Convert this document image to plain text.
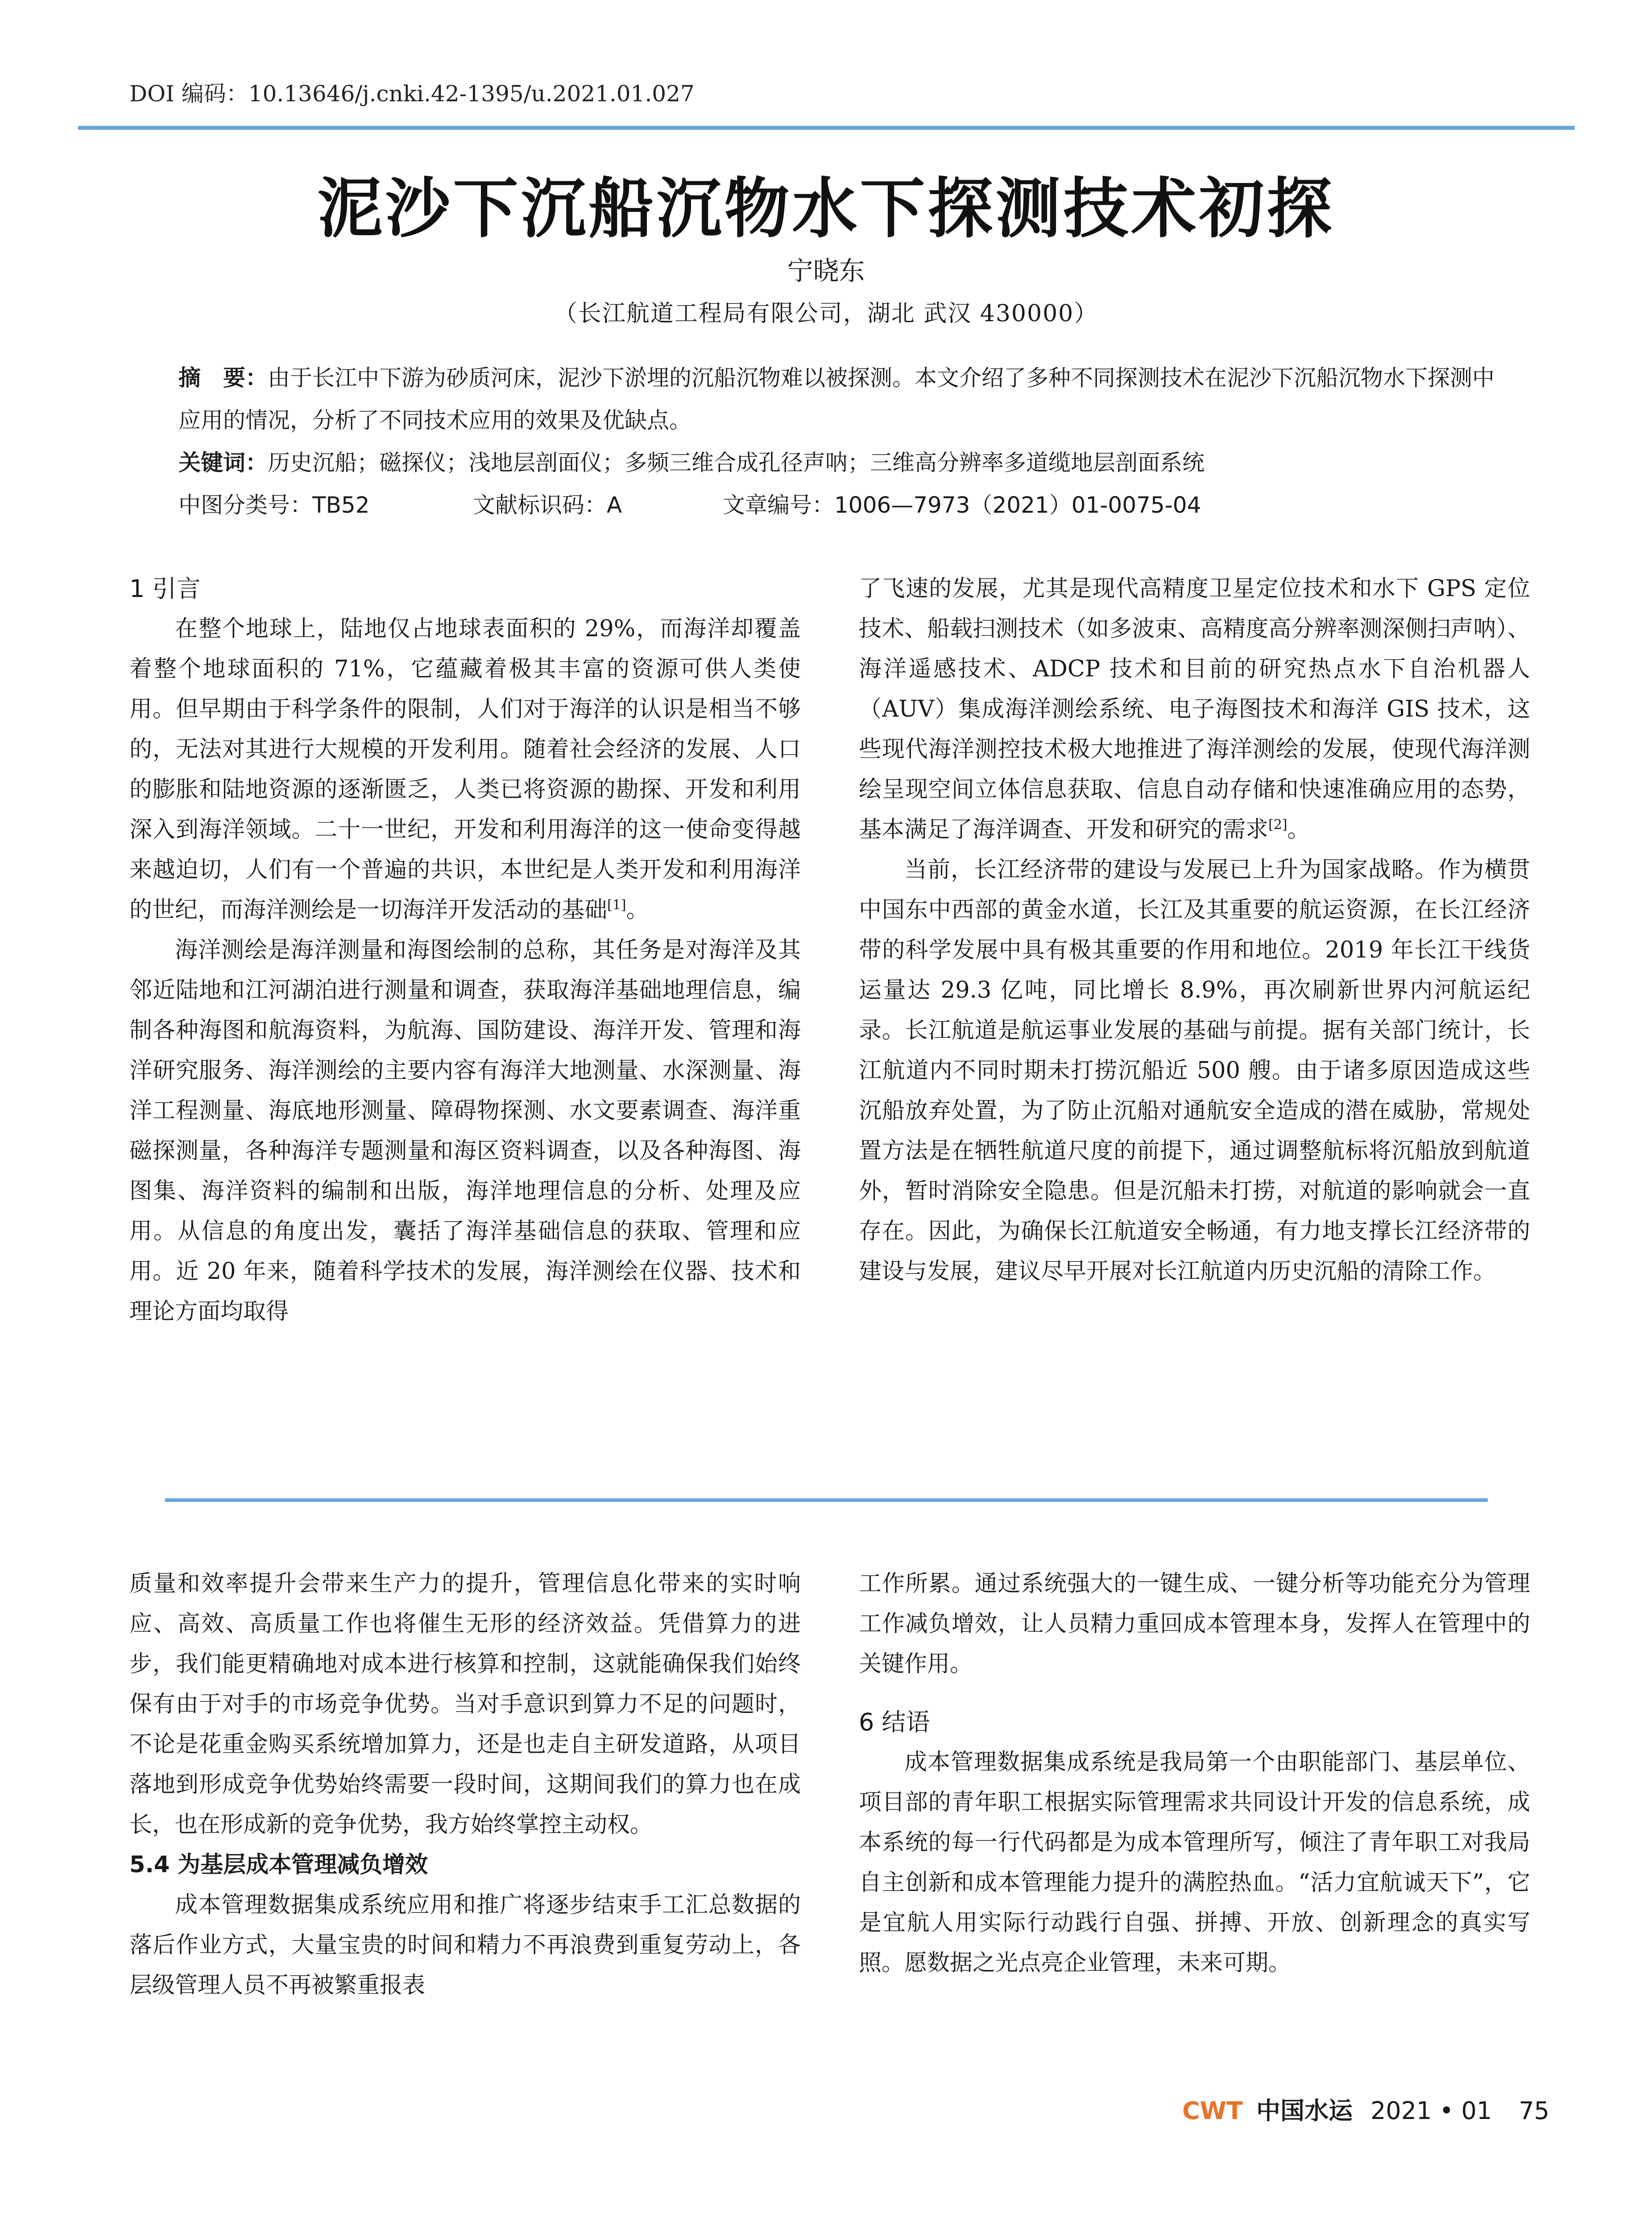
DOI 编码：10.13646/j.cnki.42-1395/u.2021.01.027
泥沙下沉船沉物水下探测技术初探
宁晓东
（长江航道工程局有限公司，湖北 武汉 430000）
摘　要：由于长江中下游为砂质河床，泥沙下淤埋的沉船沉物难以被探测。本文介绍了多种不同探测技术在泥沙下沉船沉物水下探测中应用的情况，分析了不同技术应用的效果及优缺点。
关键词：历史沉船；磁探仪；浅地层剖面仪；多频三维合成孔径声呐；三维高分辨率多道缆地层剖面系统
中图分类号：TB52	文献标识码：A	文章编号：1006—7973（2021）01-0075-04
1 引言

在整个地球上，陆地仅占地球表面积的 29%，而海洋却覆盖着整个地球面积的 71%，它蕴藏着极其丰富的资源可供人类使用。但早期由于科学条件的限制，人们对于海洋的认识是相当不够的，无法对其进行大规模的开发利用。随着社会经济的发展、人口的膨胀和陆地资源的逐渐匮乏，人类已将资源的勘探、开发和利用深入到海洋领域。二十一世纪，开发和利用海洋的这一使命变得越来越迫切，人们有一个普遍的共识，本世纪是人类开发和利用海洋的世纪，而海洋测绘是一切海洋开发活动的基础[1]。

海洋测绘是海洋测量和海图绘制的总称，其任务是对海洋及其邻近陆地和江河湖泊进行测量和调查，获取海洋基础地理信息，编制各种海图和航海资料，为航海、国防建设、海洋开发、管理和海洋研究服务、海洋测绘的主要内容有海洋大地测量、水深测量、海洋工程测量、海底地形测量、障碍物探测、水文要素调查、海洋重磁探测量，各种海洋专题测量和海区资料调查，以及各种海图、海图集、海洋资料的编制和出版，海洋地理信息的分析、处理及应用。从信息的角度出发，囊括了海洋基础信息的获取、管理和应用。近 20 年来，随着科学技术的发展，海洋测绘在仪器、技术和理论方面均取得

了飞速的发展，尤其是现代高精度卫星定位技术和水下 GPS 定位技术、船载扫测技术（如多波束、高精度高分辨率测深侧扫声呐）、海洋遥感技术、ADCP 技术和目前的研究热点水下自治机器人（AUV）集成海洋测绘系统、电子海图技术和海洋 GIS 技术，这些现代海洋测控技术极大地推进了海洋测绘的发展，使现代海洋测绘呈现空间立体信息获取、信息自动存储和快速准确应用的态势，基本满足了海洋调查、开发和研究的需求[2]。

当前，长江经济带的建设与发展已上升为国家战略。作为横贯中国东中西部的黄金水道，长江及其重要的航运资源，在长江经济带的科学发展中具有极其重要的作用和地位。2019 年长江干线货运量达 29.3 亿吨，同比增长 8.9%，再次刷新世界内河航运纪录。长江航道是航运事业发展的基础与前提。据有关部门统计，长江航道内不同时期未打捞沉船近 500 艘。由于诸多原因造成这些沉船放弃处置，为了防止沉船对通航安全造成的潜在威胁，常规处置方法是在牺牲航道尺度的前提下，通过调整航标将沉船放到航道外，暂时消除安全隐患。但是沉船未打捞，对航道的影响就会一直存在。因此，为确保长江航道安全畅通，有力地支撑长江经济带的建设与发展，建议尽早开展对长江航道内历史沉船的清除工作。

质量和效率提升会带来生产力的提升，管理信息化带来的实时响应、高效、高质量工作也将催生无形的经济效益。凭借算力的进步，我们能更精确地对成本进行核算和控制，这就能确保我们始终保有由于对手的市场竞争优势。当对手意识到算力不足的问题时，不论是花重金购买系统增加算力，还是也走自主研发道路，从项目落地到形成竞争优势始终需要一段时间，这期间我们的算力也在成长，也在形成新的竞争优势，我方始终掌控主动权。

5.4 为基层成本管理减负增效

成本管理数据集成系统应用和推广将逐步结束手工汇总数据的落后作业方式，大量宝贵的时间和精力不再浪费到重复劳动上，各层级管理人员不再被繁重报表

工作所累。通过系统强大的一键生成、一键分析等功能充分为管理工作减负增效，让人员精力重回成本管理本身，发挥人在管理中的关键作用。

6 结语

成本管理数据集成系统是我局第一个由职能部门、基层单位、项目部的青年职工根据实际管理需求共同设计开发的信息系统，成本系统的每一行代码都是为成本管理所写，倾注了青年职工对我局自主创新和成本管理能力提升的满腔热血。“活力宜航诚天下”，它是宜航人用实际行动践行自强、拼搏、开放、创新理念的真实写照。愿数据之光点亮企业管理，未来可期。

CWT 中国水运 2021 • 01 75
